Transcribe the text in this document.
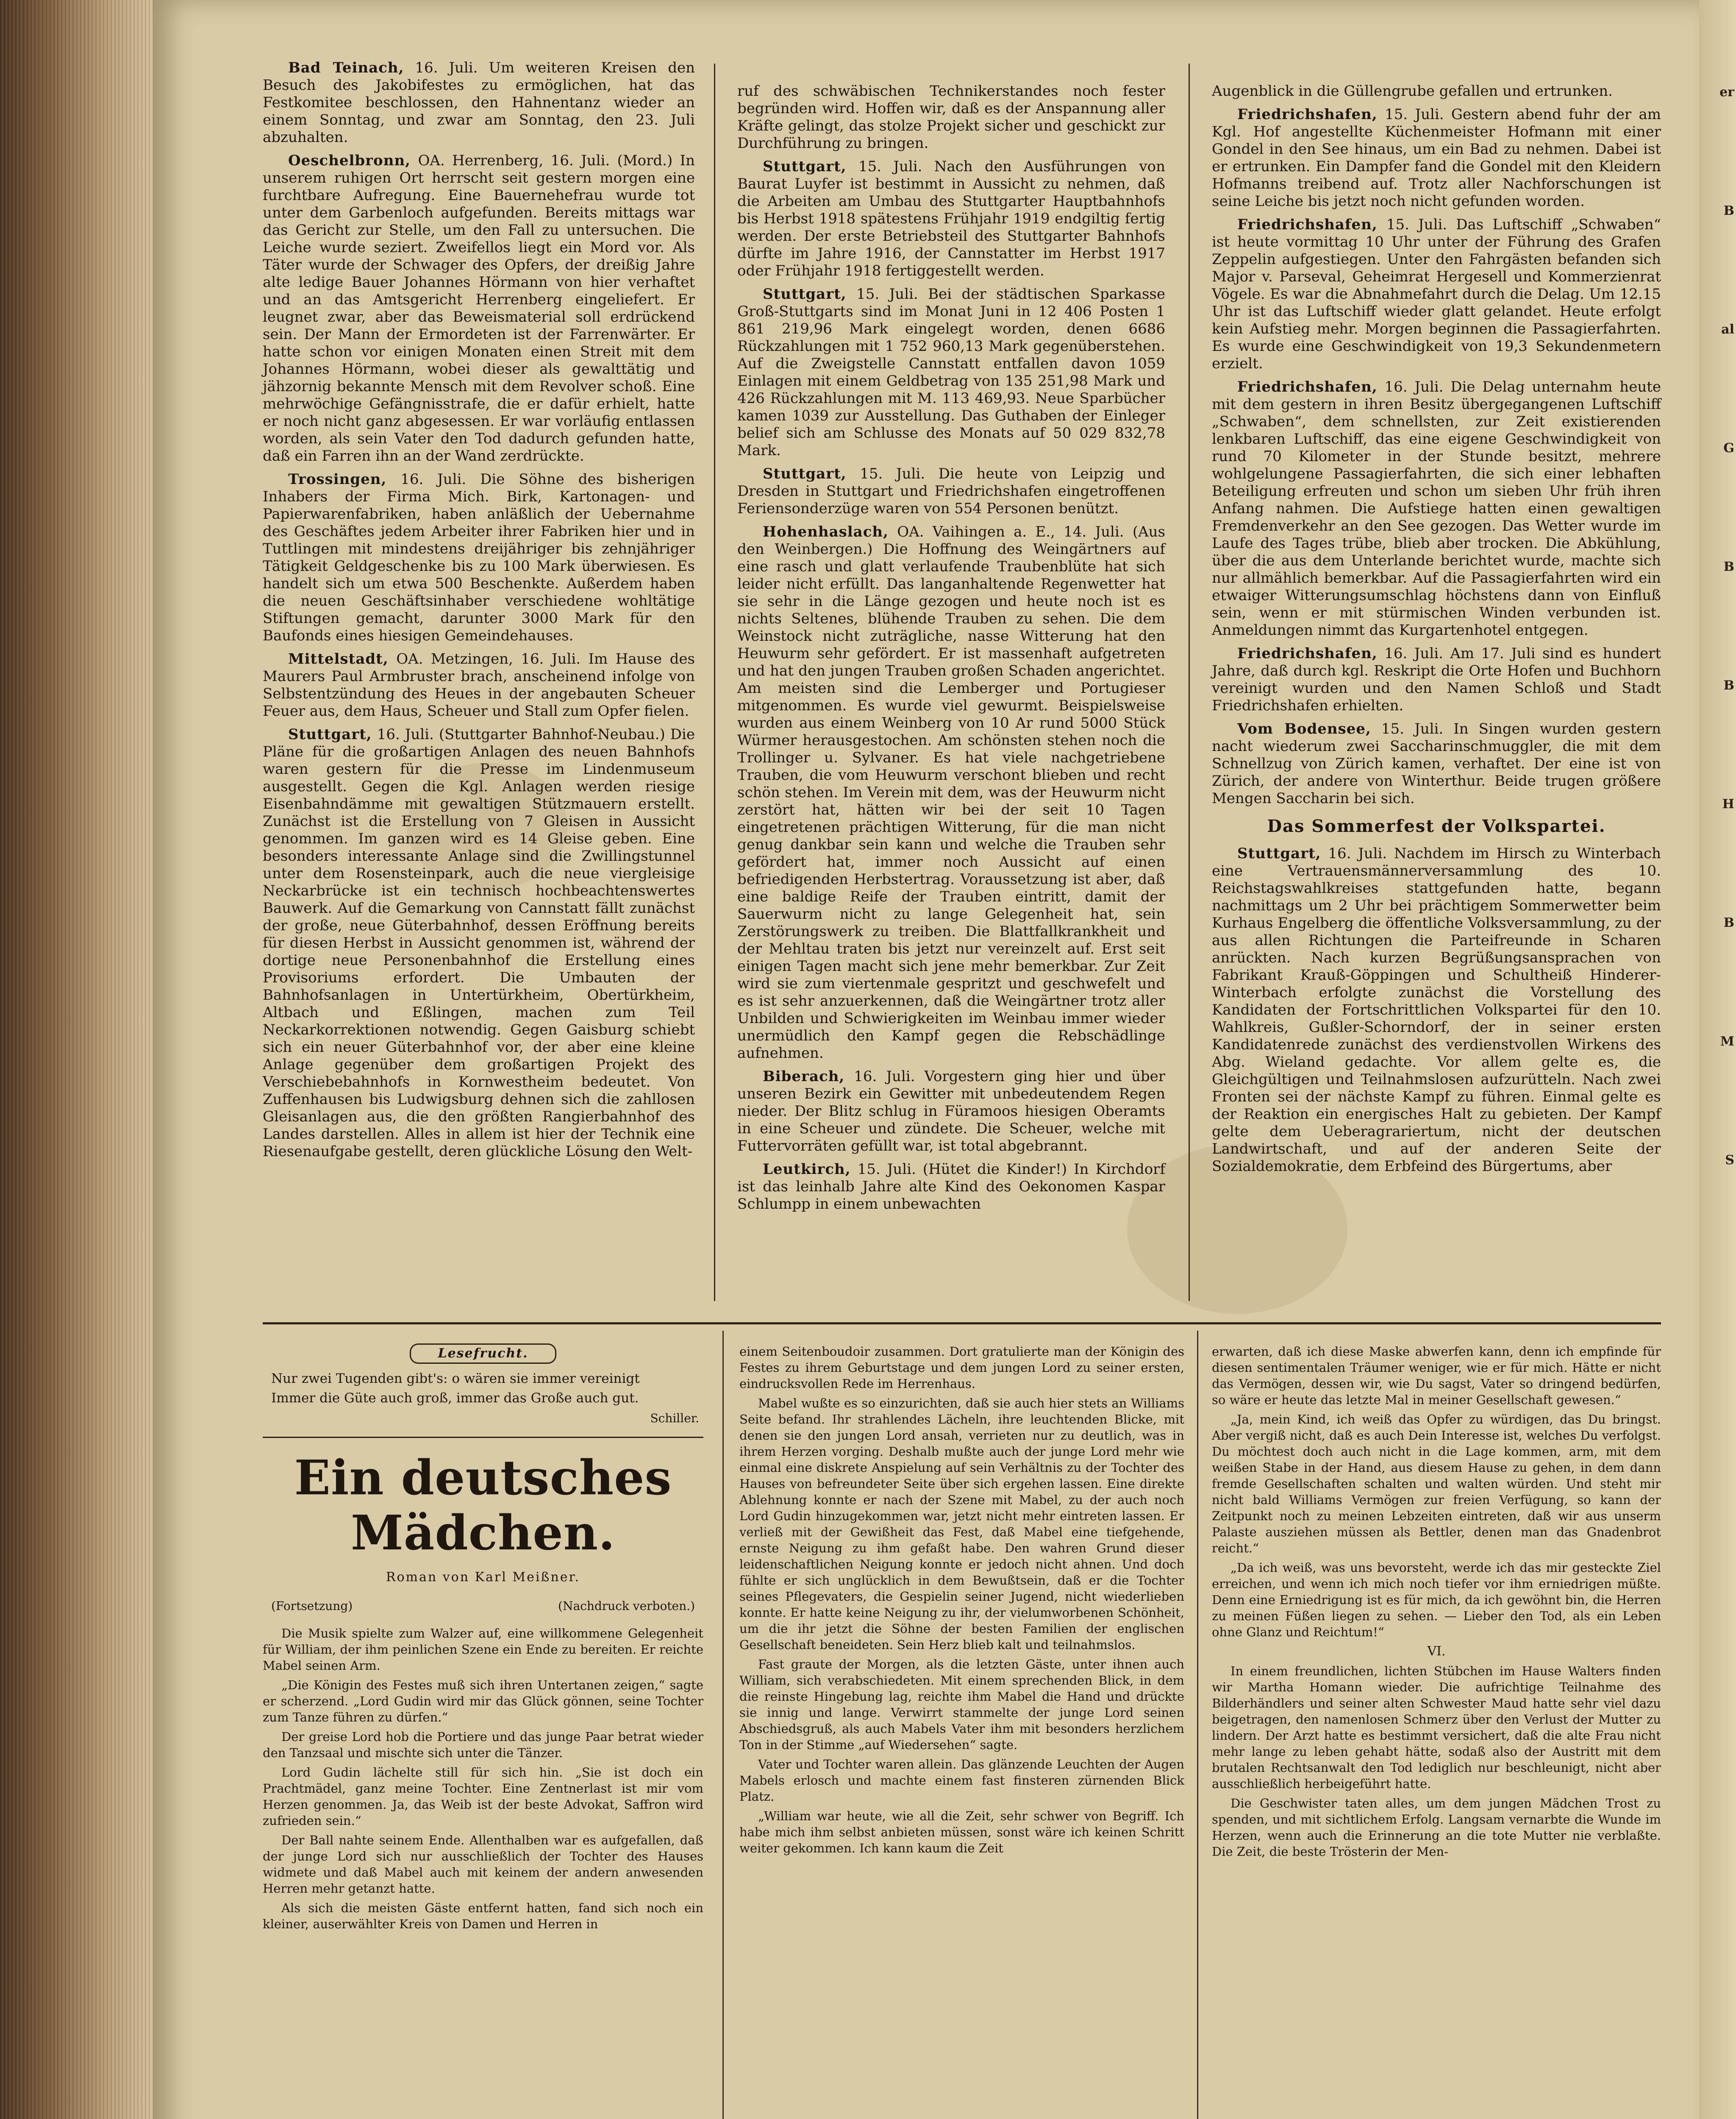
Bad Teinach, 16. Juli. Um weiteren Kreisen den Besuch des Jakobifestes zu ermöglichen, hat das Festkomitee beschlossen, den Hahnentanz wieder an einem Sonntag, und zwar am Sonntag, den 23. Juli abzuhalten.

Oeschelbronn, OA. Herrenberg, 16. Juli. (Mord.) In unserem ruhigen Ort herrscht seit gestern morgen eine furchtbare Aufregung. Eine Bauernehefrau wurde tot unter dem Garbenloch aufgefunden. Bereits mittags war das Gericht zur Stelle, um den Fall zu untersuchen. Die Leiche wurde seziert. Zweifellos liegt ein Mord vor. Als Täter wurde der Schwager des Opfers, der dreißig Jahre alte ledige Bauer Johannes Hörmann von hier verhaftet und an das Amtsgericht Herrenberg eingeliefert. Er leugnet zwar, aber das Beweismaterial soll erdrückend sein. Der Mann der Ermordeten ist der Farrenwärter. Er hatte schon vor einigen Monaten einen Streit mit dem Johannes Hörmann, wobei dieser als gewalttätig und jähzornig bekannte Mensch mit dem Revolver schoß. Eine mehrwöchige Gefängnisstrafe, die er dafür erhielt, hatte er noch nicht ganz abgesessen. Er war vorläufig entlassen worden, als sein Vater den Tod dadurch gefunden hatte, daß ein Farren ihn an der Wand zerdrückte.

Trossingen, 16. Juli. Die Söhne des bisherigen Inhabers der Firma Mich. Birk, Kartonagen- und Papierwarenfabriken, haben anläßlich der Uebernahme des Geschäftes jedem Arbeiter ihrer Fabriken hier und in Tuttlingen mit mindestens dreijähriger bis zehnjähriger Tätigkeit Geldgeschenke bis zu 100 Mark überwiesen. Es handelt sich um etwa 500 Beschenkte. Außerdem haben die neuen Geschäftsinhaber verschiedene wohltätige Stiftungen gemacht, darunter 3000 Mark für den Baufonds eines hiesigen Gemeindehauses.

Mittelstadt, OA. Metzingen, 16. Juli. Im Hause des Maurers Paul Armbruster brach, anscheinend infolge von Selbstentzündung des Heues in der angebauten Scheuer Feuer aus, dem Haus, Scheuer und Stall zum Opfer fielen.

Stuttgart, 16. Juli. (Stuttgarter Bahnhof-Neubau.) Die Pläne für die großartigen Anlagen des neuen Bahnhofs waren gestern für die Presse im Lindenmuseum ausgestellt. Gegen die Kgl. Anlagen werden riesige Eisenbahndämme mit gewaltigen Stützmauern erstellt. Zunächst ist die Erstellung von 7 Gleisen in Aussicht genommen. Im ganzen wird es 14 Gleise geben. Eine besonders interessante Anlage sind die Zwillingstunnel unter dem Rosensteinpark, auch die neue viergleisige Neckarbrücke ist ein technisch hochbeachtenswertes Bauwerk. Auf die Gemarkung von Cannstatt fällt zunächst der große, neue Güterbahnhof, dessen Eröffnung bereits für diesen Herbst in Aussicht genommen ist, während der dortige neue Personenbahnhof die Erstellung eines Provisoriums erfordert. Die Umbauten der Bahnhofsanlagen in Untertürkheim, Obertürkheim, Altbach und Eßlingen, machen zum Teil Neckarkorrektionen notwendig. Gegen Gaisburg schiebt sich ein neuer Güterbahnhof vor, der aber eine kleine Anlage gegenüber dem großartigen Projekt des Verschiebebahnhofs in Kornwestheim bedeutet. Von Zuffenhausen bis Ludwigsburg dehnen sich die zahllosen Gleisanlagen aus, die den größten Rangierbahnhof des Landes darstellen. Alles in allem ist hier der Technik eine Riesenaufgabe gestellt, deren glückliche Lösung den Welt-

ruf des schwäbischen Technikerstandes noch fester begründen wird. Hoffen wir, daß es der Anspannung aller Kräfte gelingt, das stolze Projekt sicher und geschickt zur Durchführung zu bringen.

Stuttgart, 15. Juli. Nach den Ausführungen von Baurat Luyfer ist bestimmt in Aussicht zu nehmen, daß die Arbeiten am Umbau des Stuttgarter Hauptbahnhofs bis Herbst 1918 spätestens Frühjahr 1919 endgiltig fertig werden. Der erste Betriebsteil des Stuttgarter Bahnhofs dürfte im Jahre 1916, der Cannstatter im Herbst 1917 oder Frühjahr 1918 fertiggestellt werden.

Stuttgart, 15. Juli. Bei der städtischen Sparkasse Groß-Stuttgarts sind im Monat Juni in 12 406 Posten 1 861 219,96 Mark eingelegt worden, denen 6686 Rückzahlungen mit 1 752 960,13 Mark gegenüberstehen. Auf die Zweigstelle Cannstatt entfallen davon 1059 Einlagen mit einem Geldbetrag von 135 251,98 Mark und 426 Rückzahlungen mit M. 113 469,93. Neue Sparbücher kamen 1039 zur Ausstellung. Das Guthaben der Einleger belief sich am Schlusse des Monats auf 50 029 832,78 Mark.

Stuttgart, 15. Juli. Die heute von Leipzig und Dresden in Stuttgart und Friedrichshafen eingetroffenen Feriensonderzüge waren von 554 Personen benützt.

Hohenhaslach, OA. Vaihingen a. E., 14. Juli. (Aus den Weinbergen.) Die Hoffnung des Weingärtners auf eine rasch und glatt verlaufende Traubenblüte hat sich leider nicht erfüllt. Das langanhaltende Regenwetter hat sie sehr in die Länge gezogen und heute noch ist es nichts Seltenes, blühende Trauben zu sehen. Die dem Weinstock nicht zuträgliche, nasse Witterung hat den Heuwurm sehr gefördert. Er ist massenhaft aufgetreten und hat den jungen Trauben großen Schaden angerichtet. Am meisten sind die Lemberger und Portugieser mitgenommen. Es wurde viel gewurmt. Beispielsweise wurden aus einem Weinberg von 10 Ar rund 5000 Stück Würmer herausgestochen. Am schönsten stehen noch die Trollinger u. Sylvaner. Es hat viele nachgetriebene Trauben, die vom Heuwurm verschont blieben und recht schön stehen. Im Verein mit dem, was der Heuwurm nicht zerstört hat, hätten wir bei der seit 10 Tagen eingetretenen prächtigen Witterung, für die man nicht genug dankbar sein kann und welche die Trauben sehr gefördert hat, immer noch Aussicht auf einen befriedigenden Herbstertrag. Voraussetzung ist aber, daß eine baldige Reife der Trauben eintritt, damit der Sauerwurm nicht zu lange Gelegenheit hat, sein Zerstörungswerk zu treiben. Die Blattfallkrankheit und der Mehltau traten bis jetzt nur vereinzelt auf. Erst seit einigen Tagen macht sich jene mehr bemerkbar. Zur Zeit wird sie zum viertenmale gespritzt und geschwefelt und es ist sehr anzuerkennen, daß die Weingärtner trotz aller Unbilden und Schwierigkeiten im Weinbau immer wieder unermüdlich den Kampf gegen die Rebschädlinge aufnehmen.

Biberach, 16. Juli. Vorgestern ging hier und über unseren Bezirk ein Gewitter mit unbedeutendem Regen nieder. Der Blitz schlug in Füramoos hiesigen Oberamts in eine Scheuer und zündete. Die Scheuer, welche mit Futtervorräten gefüllt war, ist total abgebrannt.

Leutkirch, 15. Juli. (Hütet die Kinder!) In Kirchdorf ist das leinhalb Jahre alte Kind des Oekonomen Kaspar Schlumpp in einem unbewachten

Augenblick in die Güllengrube gefallen und ertrunken.

Friedrichshafen, 15. Juli. Gestern abend fuhr der am Kgl. Hof angestellte Küchenmeister Hofmann mit einer Gondel in den See hinaus, um ein Bad zu nehmen. Dabei ist er ertrunken. Ein Dampfer fand die Gondel mit den Kleidern Hofmanns treibend auf. Trotz aller Nachforschungen ist seine Leiche bis jetzt noch nicht gefunden worden.

Friedrichshafen, 15. Juli. Das Luftschiff „Schwaben“ ist heute vormittag 10 Uhr unter der Führung des Grafen Zeppelin aufgestiegen. Unter den Fahrgästen befanden sich Major v. Parseval, Geheimrat Hergesell und Kommerzienrat Vögele. Es war die Abnahmefahrt durch die Delag. Um 12.15 Uhr ist das Luftschiff wieder glatt gelandet. Heute erfolgt kein Aufstieg mehr. Morgen beginnen die Passagierfahrten. Es wurde eine Geschwindigkeit von 19,3 Sekundenmetern erzielt.

Friedrichshafen, 16. Juli. Die Delag unternahm heute mit dem gestern in ihren Besitz übergegangenen Luftschiff „Schwaben“, dem schnellsten, zur Zeit existierenden lenkbaren Luftschiff, das eine eigene Geschwindigkeit von rund 70 Kilometer in der Stunde besitzt, mehrere wohlgelungene Passagierfahrten, die sich einer lebhaften Beteiligung erfreuten und schon um sieben Uhr früh ihren Anfang nahmen. Die Aufstiege hatten einen gewaltigen Fremdenverkehr an den See gezogen. Das Wetter wurde im Laufe des Tages trübe, blieb aber trocken. Die Abkühlung, über die aus dem Unterlande berichtet wurde, machte sich nur allmählich bemerkbar. Auf die Passagierfahrten wird ein etwaiger Witterungsumschlag höchstens dann von Einfluß sein, wenn er mit stürmischen Winden verbunden ist. Anmeldungen nimmt das Kurgartenhotel entgegen.

Friedrichshafen, 16. Juli. Am 17. Juli sind es hundert Jahre, daß durch kgl. Reskript die Orte Hofen und Buchhorn vereinigt wurden und den Namen Schloß und Stadt Friedrichshafen erhielten.

Vom Bodensee, 15. Juli. In Singen wurden gestern nacht wiederum zwei Saccharinschmuggler, die mit dem Schnellzug von Zürich kamen, verhaftet. Der eine ist von Zürich, der andere von Winterthur. Beide trugen größere Mengen Saccharin bei sich.

Das Sommerfest der Volkspartei.

Stuttgart, 16. Juli. Nachdem im Hirsch zu Winterbach eine Vertrauensmännerversammlung des 10. Reichstagswahlkreises stattgefunden hatte, begann nachmittags um 2 Uhr bei prächtigem Sommerwetter beim Kurhaus Engelberg die öffentliche Volksversammlung, zu der aus allen Richtungen die Parteifreunde in Scharen anrückten. Nach kurzen Begrüßungsansprachen von Fabrikant Krauß-Göppingen und Schultheiß Hinderer-Winterbach erfolgte zunächst die Vorstellung des Kandidaten der Fortschrittlichen Volkspartei für den 10. Wahlkreis, Gußler-Schorndorf, der in seiner ersten Kandidatenrede zunächst des verdienstvollen Wirkens des Abg. Wieland gedachte. Vor allem gelte es, die Gleichgültigen und Teilnahmslosen aufzurütteln. Nach zwei Fronten sei der nächste Kampf zu führen. Einmal gelte es der Reaktion ein energisches Halt zu gebieten. Der Kampf gelte dem Ueberagrariertum, nicht der deutschen Landwirtschaft, und auf der anderen Seite der Sozialdemokratie, dem Erbfeind des Bürgertums, aber

Lesefrucht.
Nur zwei Tugenden gibt's: o wären sie immer vereinigt
Immer die Güte auch groß, immer das Große auch gut.
Schiller.
Ein deutsches Mädchen.
Roman von Karl Meißner.
(Fortsetzung)	(Nachdruck verboten.)

Die Musik spielte zum Walzer auf, eine willkommene Gelegenheit für William, der ihm peinlichen Szene ein Ende zu bereiten. Er reichte Mabel seinen Arm.

„Die Königin des Festes muß sich ihren Untertanen zeigen,“ sagte er scherzend. „Lord Gudin wird mir das Glück gönnen, seine Tochter zum Tanze führen zu dürfen.“

Der greise Lord hob die Portiere und das junge Paar betrat wieder den Tanzsaal und mischte sich unter die Tänzer.

Lord Gudin lächelte still für sich hin. „Sie ist doch ein Prachtmädel, ganz meine Tochter. Eine Zentnerlast ist mir vom Herzen genommen. Ja, das Weib ist der beste Advokat, Saffron wird zufrieden sein.“

Der Ball nahte seinem Ende. Allenthalben war es aufgefallen, daß der junge Lord sich nur ausschließlich der Tochter des Hauses widmete und daß Mabel auch mit keinem der andern anwesenden Herren mehr getanzt hatte.

Als sich die meisten Gäste entfernt hatten, fand sich noch ein kleiner, auserwählter Kreis von Damen und Herren in

einem Seitenboudoir zusammen. Dort gratulierte man der Königin des Festes zu ihrem Geburtstage und dem jungen Lord zu seiner ersten, eindrucksvollen Rede im Herrenhaus.

Mabel wußte es so einzurichten, daß sie auch hier stets an Williams Seite befand. Ihr strahlendes Lächeln, ihre leuchtenden Blicke, mit denen sie den jungen Lord ansah, verrieten nur zu deutlich, was in ihrem Herzen vorging. Deshalb mußte auch der junge Lord mehr wie einmal eine diskrete Anspielung auf sein Verhältnis zu der Tochter des Hauses von befreundeter Seite über sich ergehen lassen. Eine direkte Ablehnung konnte er nach der Szene mit Mabel, zu der auch noch Lord Gudin hinzugekommen war, jetzt nicht mehr eintreten lassen. Er verließ mit der Gewißheit das Fest, daß Mabel eine tiefgehende, ernste Neigung zu ihm gefaßt habe. Den wahren Grund dieser leidenschaftlichen Neigung konnte er jedoch nicht ahnen. Und doch fühlte er sich unglücklich in dem Bewußtsein, daß er die Tochter seines Pflegevaters, die Gespielin seiner Jugend, nicht wiederlieben konnte. Er hatte keine Neigung zu ihr, der vielumworbenen Schönheit, um die ihr jetzt die Söhne der besten Familien der englischen Gesellschaft beneideten. Sein Herz blieb kalt und teilnahmslos.

Fast graute der Morgen, als die letzten Gäste, unter ihnen auch William, sich verabschiedeten. Mit einem sprechenden Blick, in dem die reinste Hingebung lag, reichte ihm Mabel die Hand und drückte sie innig und lange. Verwirrt stammelte der junge Lord seinen Abschiedsgruß, als auch Mabels Vater ihm mit besonders herzlichem Ton in der Stimme „auf Wiedersehen“ sagte.

Vater und Tochter waren allein. Das glänzende Leuchten der Augen Mabels erlosch und machte einem fast finsteren zürnenden Blick Platz.

„William war heute, wie all die Zeit, sehr schwer von Begriff. Ich habe mich ihm selbst anbieten müssen, sonst wäre ich keinen Schritt weiter gekommen. Ich kann kaum die Zeit

erwarten, daß ich diese Maske abwerfen kann, denn ich empfinde für diesen sentimentalen Träumer weniger, wie er für mich. Hätte er nicht das Vermögen, dessen wir, wie Du sagst, Vater so dringend bedürfen, so wäre er heute das letzte Mal in meiner Gesellschaft gewesen.“

„Ja, mein Kind, ich weiß das Opfer zu würdigen, das Du bringst. Aber vergiß nicht, daß es auch Dein Interesse ist, welches Du verfolgst. Du möchtest doch auch nicht in die Lage kommen, arm, mit dem weißen Stabe in der Hand, aus diesem Hause zu gehen, in dem dann fremde Gesellschaften schalten und walten würden. Und steht mir nicht bald Williams Vermögen zur freien Verfügung, so kann der Zeitpunkt noch zu meinen Lebzeiten eintreten, daß wir aus unserm Palaste ausziehen müssen als Bettler, denen man das Gnadenbrot reicht.“

„Da ich weiß, was uns bevorsteht, werde ich das mir gesteckte Ziel erreichen, und wenn ich mich noch tiefer vor ihm erniedrigen müßte. Denn eine Erniedrigung ist es für mich, da ich gewöhnt bin, die Herren zu meinen Füßen liegen zu sehen. — Lieber den Tod, als ein Leben ohne Glanz und Reichtum!“

VI.

In einem freundlichen, lichten Stübchen im Hause Walters finden wir Martha Homann wieder. Die aufrichtige Teilnahme des Bilderhändlers und seiner alten Schwester Maud hatte sehr viel dazu beigetragen, den namenlosen Schmerz über den Verlust der Mutter zu lindern. Der Arzt hatte es bestimmt versichert, daß die alte Frau nicht mehr lange zu leben gehabt hätte, sodaß also der Austritt mit dem brutalen Rechtsanwalt den Tod lediglich nur beschleunigt, nicht aber ausschließlich herbeigeführt hatte.

Die Geschwister taten alles, um dem jungen Mädchen Trost zu spenden, und mit sichtlichem Erfolg. Langsam vernarbte die Wunde im Herzen, wenn auch die Erinnerung an die tote Mutter nie verblaßte. Die Zeit, die beste Trösterin der Men-

er
B
al
G
B
B
H
B
M
S
